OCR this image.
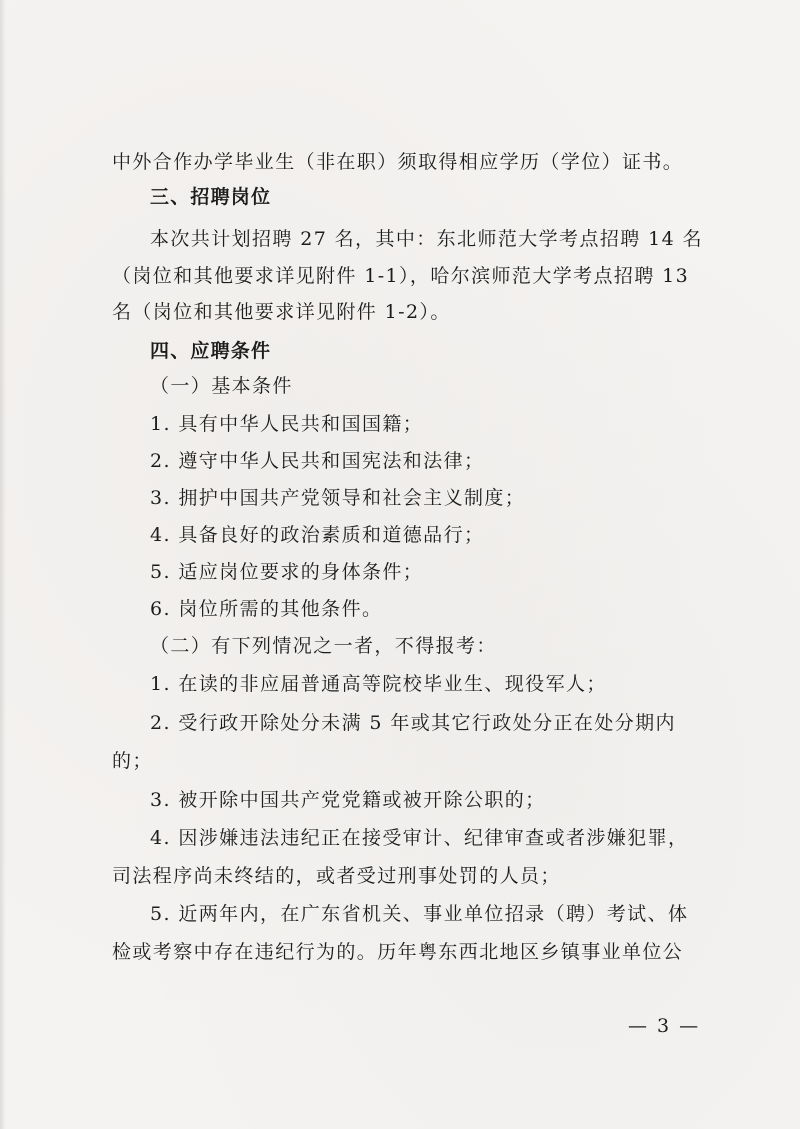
中外合作办学毕业生（非在职）须取得相应学历（学位）证书。
三、招聘岗位
本次共计划招聘 27 名，其中：东北师范大学考点招聘 14 名
（岗位和其他要求详见附件 1-1），哈尔滨师范大学考点招聘 13
名（岗位和其他要求详见附件 1-2）。
四、应聘条件
（一）基本条件
1. 具有中华人民共和国国籍；
2. 遵守中华人民共和国宪法和法律；
3. 拥护中国共产党领导和社会主义制度；
4. 具备良好的政治素质和道德品行；
5. 适应岗位要求的身体条件；
6. 岗位所需的其他条件。
（二）有下列情况之一者，不得报考：
1. 在读的非应届普通高等院校毕业生、现役军人；
2. 受行政开除处分未满 5 年或其它行政处分正在处分期内
的；
3. 被开除中国共产党党籍或被开除公职的；
4. 因涉嫌违法违纪正在接受审计、纪律审查或者涉嫌犯罪，
司法程序尚未终结的，或者受过刑事处罚的人员；
5. 近两年内，在广东省机关、事业单位招录（聘）考试、体
检或考察中存在违纪行为的。历年粤东西北地区乡镇事业单位公
— 3 —
